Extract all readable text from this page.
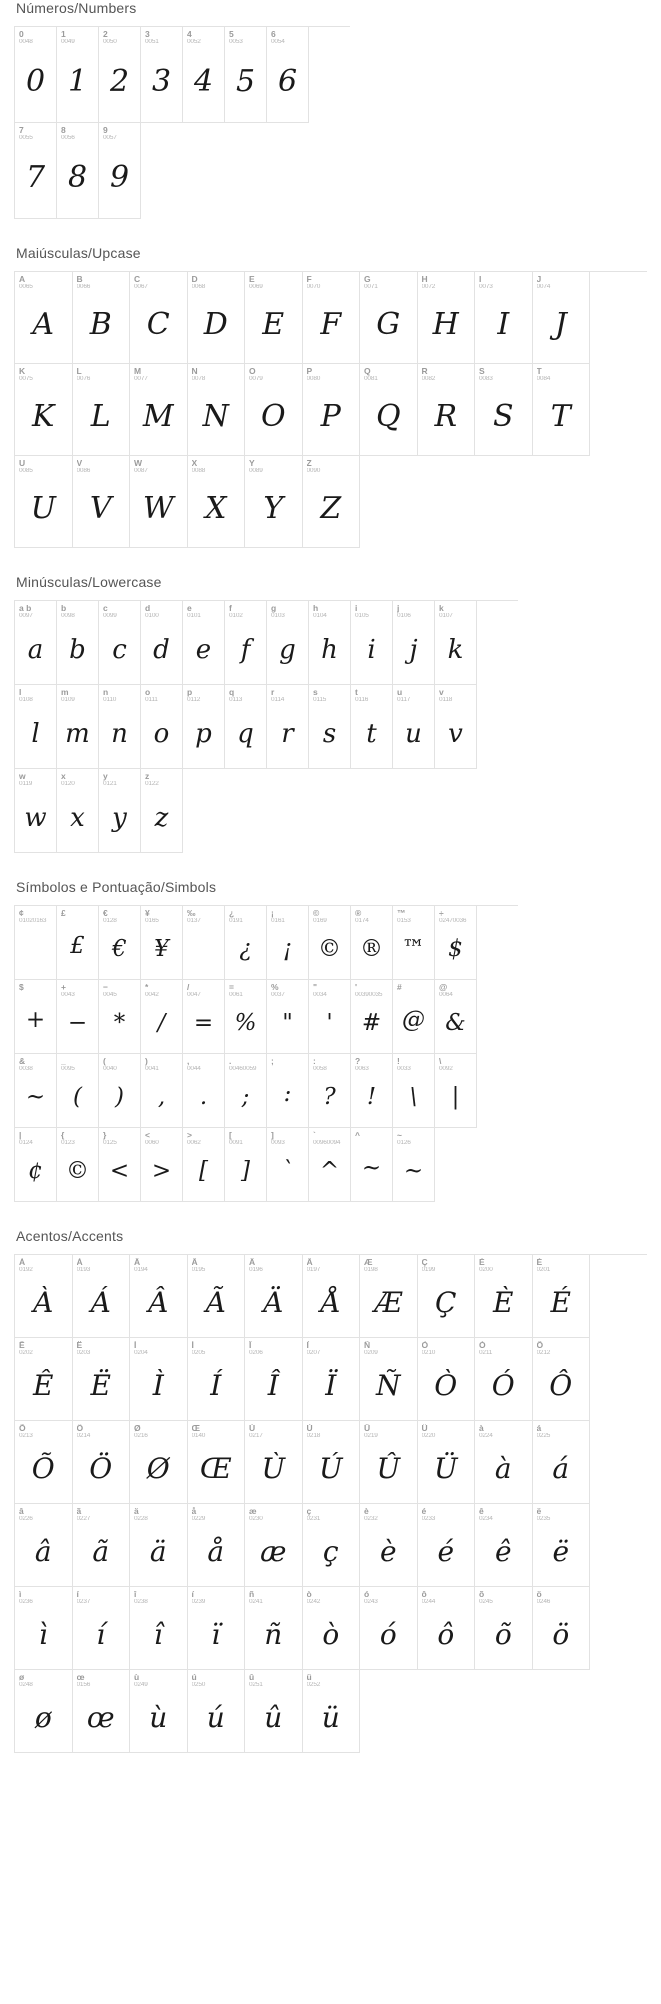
Números/Numbers
0
0048
0
1
0049
1
2
0050
2
3
0051
3
4
0052
4
5
0053
5
6
0054
6
7
0055
7
8
0056
8
9
0057
9
Maiúsculas/Upcase
A
0065
A
B
0066
B
C
0067
C
D
0068
D
E
0069
E
F
0070
F
G
0071
G
H
0072
H
I
0073
I
J
0074
J
K
0075
K
L
0076
L
M
0077
M
N
0078
N
O
0079
O
P
0080
P
Q
0081
Q
R
0082
R
S
0083
S
T
0084
T
U
0085
U
V
0086
V
W
0087
W
X
0088
X
Y
0089
Y
Z
0090
Z
Minúsculas/Lowercase
a b
0097
a
b
0098
b
c
0099
c
d
0100
d
e
0101
e
f
0102
f
g
0103
g
h
0104
h
i
0105
i
j
0106
j
k
0107
k
l
0108
l
m
0109
m
n
0110
n
o
0111
o
p
0112
p
q
0113
q
r
0114
r
s
0115
s
t
0116
t
u
0117
u
v
0118
v
w
0119
w
x
0120
x
y
0121
y
z
0122
z
Símbolos e Pontuação/Simbols
¢
01020163
£
£
€
0128
€
¥
0165
¥
‰
0137
¿
0191
¿
¡
0161
¡
©
0169
©
®
0174
®
™
0153
™
÷
02470036
$
$
+
+
0043
−
−
0045
*
*
0042
/
/
0047
=
=
0061
%
%
0037
"
"
0034
'
'
00390035
#
#
@
@
0064
&
&
0038
~
_
0095
(
(
0040
)
)
0041
,
,
0044
.
.
00460059
;
;
:
:
0058
?
?
0063
!
!
0033
\
\
0092
|
|
0124
¢
{
0123
©
}
0125
<
<
0060
>
>
0062
[
[
0091
]
]
0093
`
`
00960094
^
^
~
~
0126
~
Acentos/Accents
À
0192
À
Á
0193
Á
Â
0194
Â
Ã
0195
Ã
Ä
0196
Ä
Å
0197
Å
Æ
0198
Æ
Ç
0199
Ç
È
0200
È
É
0201
É
Ê
0202
Ê
Ë
0203
Ë
Ì
0204
Ì
Í
0205
Í
Î
0206
Î
Ï
0207
Ï
Ñ
0209
Ñ
Ò
0210
Ò
Ó
0211
Ó
Ô
0212
Ô
Õ
0213
Õ
Ö
0214
Ö
Ø
0216
Ø
Œ
0140
Œ
Ù
0217
Ù
Ú
0218
Ú
Û
0219
Û
Ü
0220
Ü
à
0224
à
á
0225
á
â
0226
â
ã
0227
ã
ä
0228
ä
å
0229
å
æ
0230
æ
ç
0231
ç
è
0232
è
é
0233
é
ê
0234
ê
ë
0235
ë
ì
0236
ì
í
0237
í
î
0238
î
ï
0239
ï
ñ
0241
ñ
ò
0242
ò
ó
0243
ó
ô
0244
ô
õ
0245
õ
ö
0246
ö
ø
0248
ø
œ
0156
œ
ù
0249
ù
ú
0250
ú
û
0251
û
ü
0252
ü
